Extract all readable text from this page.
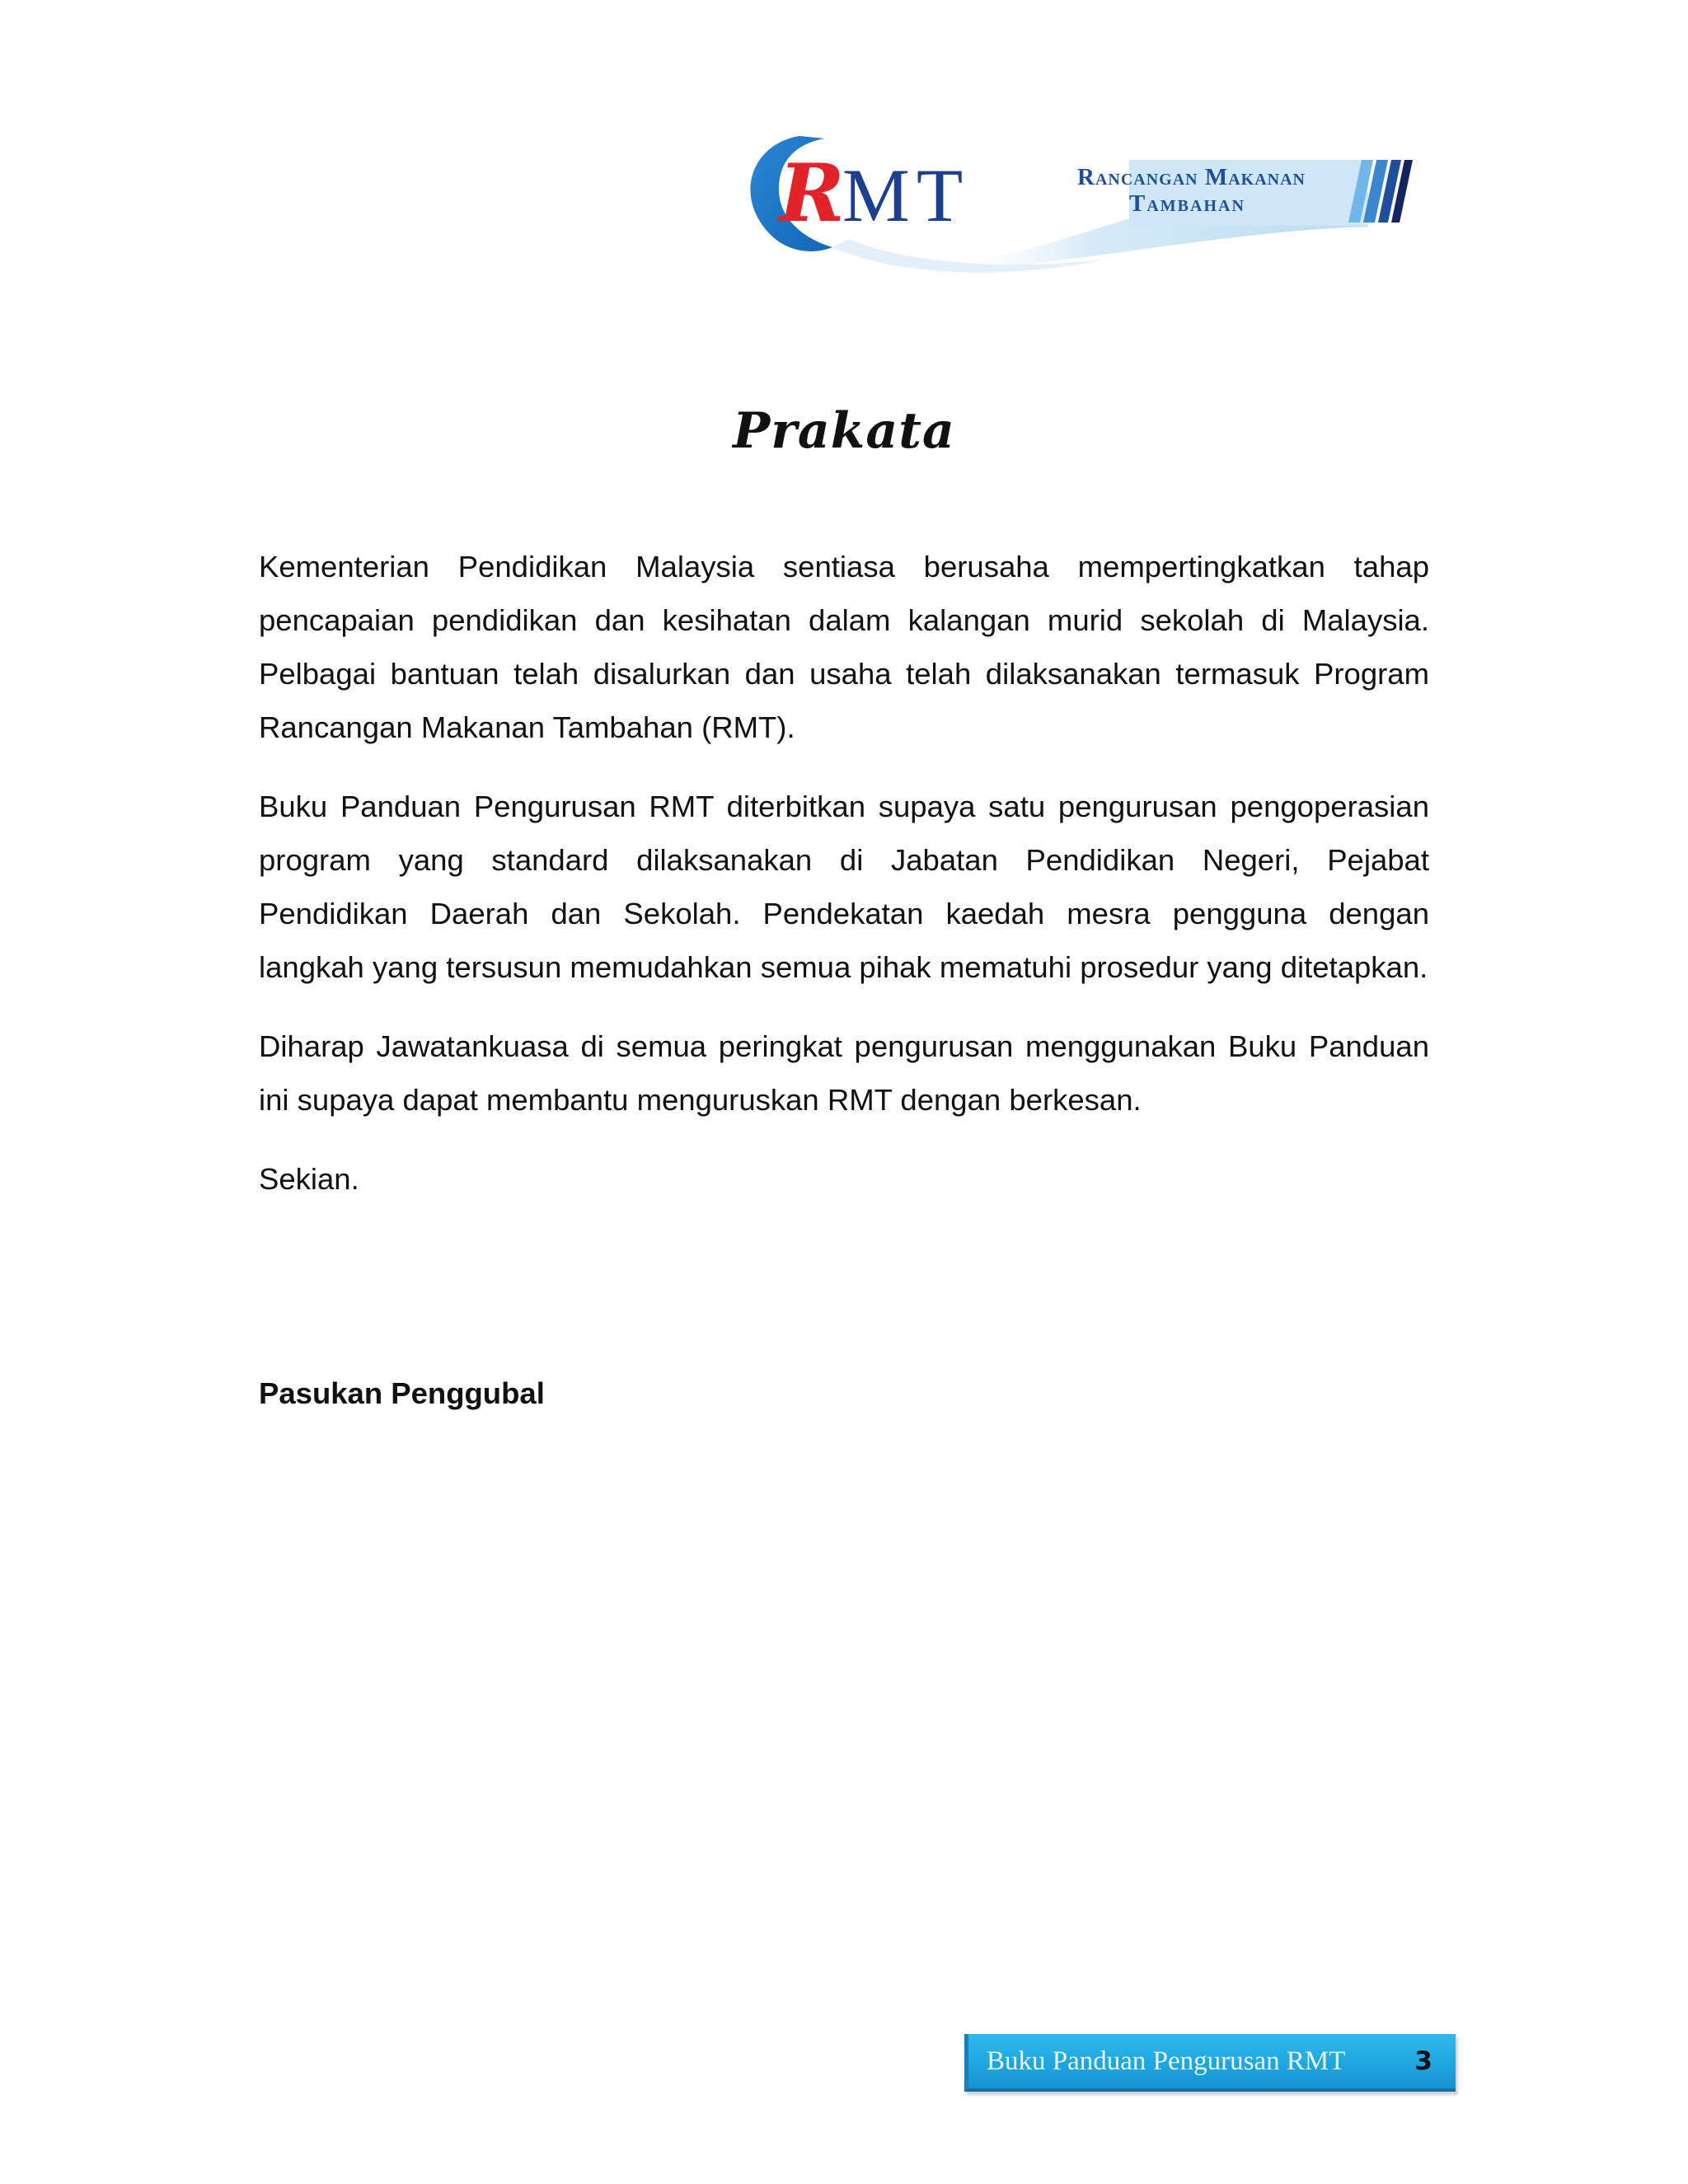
R
M T	Rancangan Makanan
Tambahan
Prakata

Kementerian Pendidikan Malaysia sentiasa berusaha mempertingkatkan tahap pencapaian pendidikan dan kesihatan dalam kalangan murid sekolah di Malaysia. Pelbagai bantuan telah disalurkan dan usaha telah dilaksanakan termasuk Program Rancangan Makanan Tambahan (RMT).

Buku Panduan Pengurusan RMT diterbitkan supaya satu pengurusan pengoperasian program yang standard dilaksanakan di Jabatan Pendidikan Negeri, Pejabat Pendidikan Daerah dan Sekolah. Pendekatan kaedah mesra pengguna dengan langkah yang tersusun memudahkan semua pihak mematuhi prosedur yang ditetapkan.

Diharap Jawatankuasa di semua peringkat pengurusan menggunakan Buku Panduan ini supaya dapat membantu menguruskan RMT dengan berkesan.

Sekian.

Pasukan Penggubal

Buku Panduan Pengurusan RMT	3
